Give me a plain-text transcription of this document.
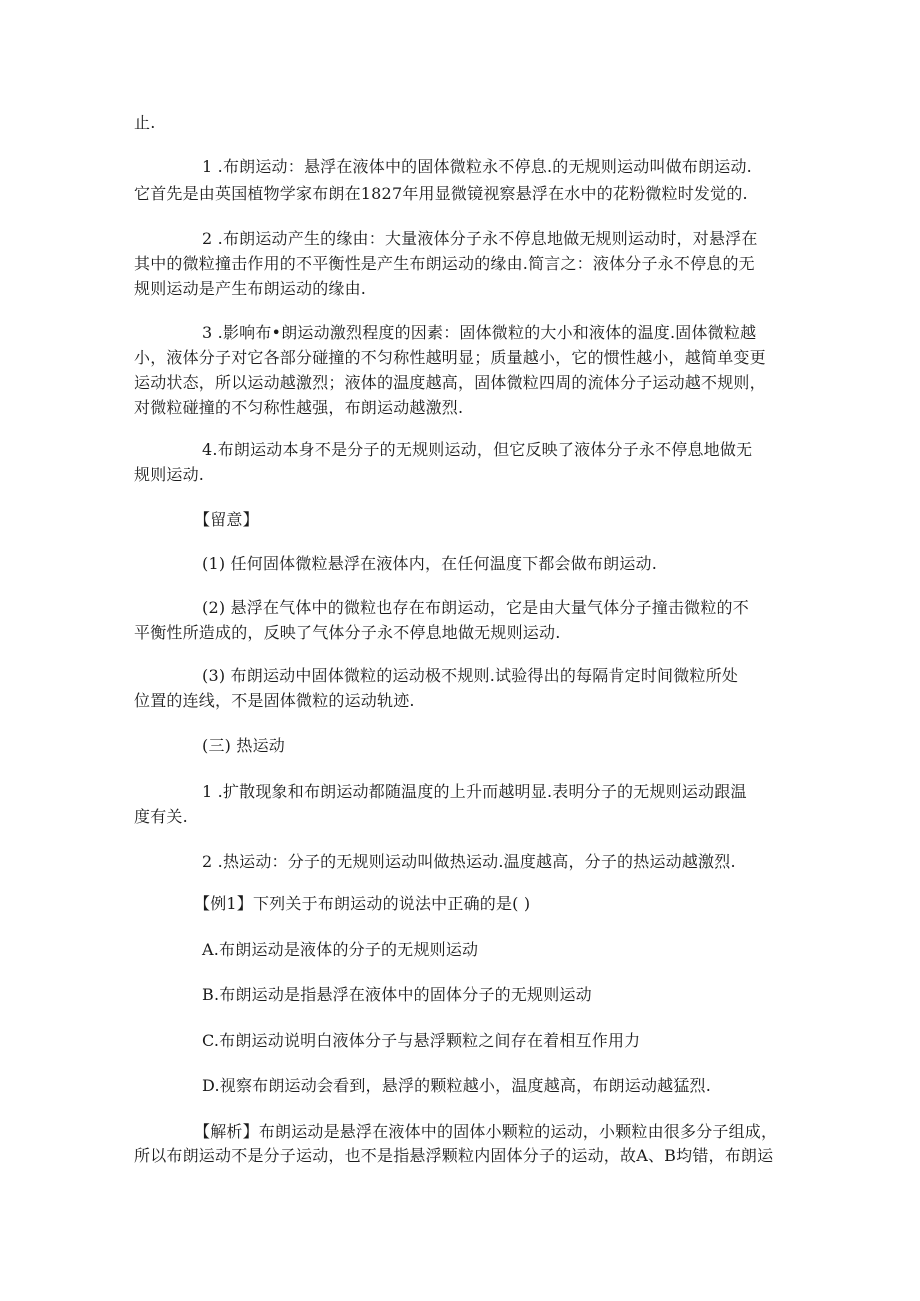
止.
1 .布朗运动：悬浮在液体中的固体微粒永不停息.的无规则运动叫做布朗运动.
它首先是由英国植物学家布朗在1827年用显微镜视察悬浮在水中的花粉微粒时发觉的.
2 .布朗运动产生的缘由：大量液体分子永不停息地做无规则运动时，对悬浮在
其中的微粒撞击作用的不平衡性是产生布朗运动的缘由.简言之：液体分子永不停息的无
规则运动是产生布朗运动的缘由.
3 .影响布•朗运动激烈程度的因素：固体微粒的大小和液体的温度.固体微粒越
小，液体分子对它各部分碰撞的不匀称性越明显；质量越小，它的惯性越小，越简单变更
运动状态，所以运动越激烈；液体的温度越高，固体微粒四周的流体分子运动越不规则，
对微粒碰撞的不匀称性越强，布朗运动越激烈.
4.布朗运动本身不是分子的无规则运动，但它反映了液体分子永不停息地做无
规则运动.
【留意】
(1) 任何固体微粒悬浮在液体内，在任何温度下都会做布朗运动.
(2) 悬浮在气体中的微粒也存在布朗运动，它是由大量气体分子撞击微粒的不
平衡性所造成的，反映了气体分子永不停息地做无规则运动.
(3) 布朗运动中固体微粒的运动极不规则.试验得出的每隔肯定时间微粒所处
位置的连线，不是固体微粒的运动轨迹.
(三) 热运动
1 .扩散现象和布朗运动都随温度的上升而越明显.表明分子的无规则运动跟温
度有关.
2 .热运动：分子的无规则运动叫做热运动.温度越高，分子的热运动越激烈.
【例1】下列关于布朗运动的说法中正确的是( )
A.布朗运动是液体的分子的无规则运动
B.布朗运动是指悬浮在液体中的固体分子的无规则运动
C.布朗运动说明白液体分子与悬浮颗粒之间存在着相互作用力
D.视察布朗运动会看到，悬浮的颗粒越小，温度越高，布朗运动越猛烈.
【解析】布朗运动是悬浮在液体中的固体小颗粒的运动，小颗粒由很多分子组成，
所以布朗运动不是分子运动，也不是指悬浮颗粒内固体分子的运动，故A、B均错，布朗运
